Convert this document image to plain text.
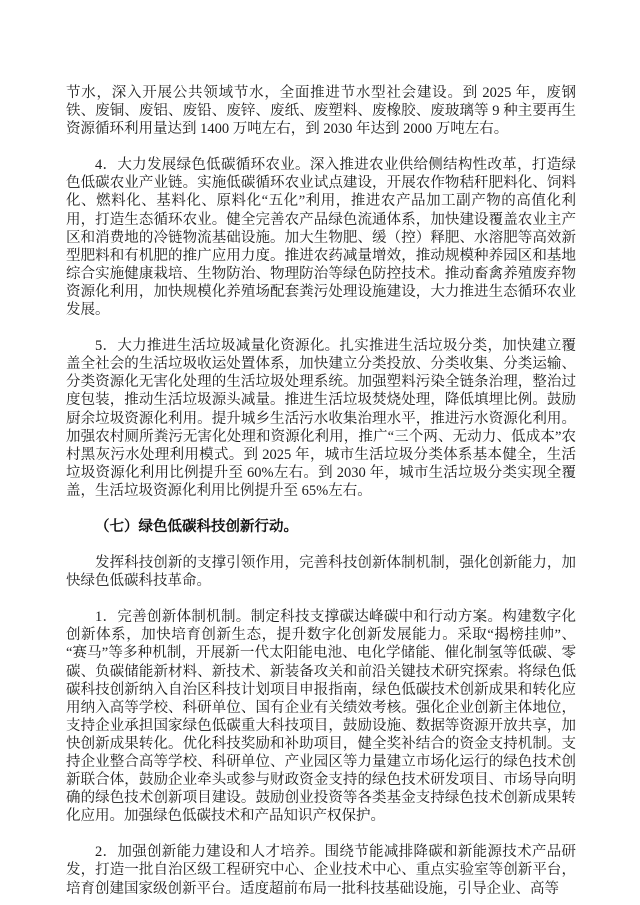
节水，深入开展公共领域节水，全面推进节水型社会建设。到 2025 年，废钢铁、废铜、废铝、废铅、废锌、废纸、废塑料、废橡胶、废玻璃等 9 种主要再生资源循环利用量达到 1400 万吨左右，到 2030 年达到 2000 万吨左右。

4．大力发展绿色低碳循环农业。深入推进农业供给侧结构性改革，打造绿色低碳农业产业链。实施低碳循环农业试点建设，开展农作物秸秆肥料化、饲料化、燃料化、基料化、原料化“五化”利用，推进农产品加工副产物的高值化利用，打造生态循环农业。健全完善农产品绿色流通体系，加快建设覆盖农业主产区和消费地的冷链物流基础设施。加大生物肥、缓（控）释肥、水溶肥等高效新型肥料和有机肥的推广应用力度。推进农药减量增效，推动规模种养园区和基地综合实施健康栽培、生物防治、物理防治等绿色防控技术。推动畜禽养殖废弃物资源化利用，加快规模化养殖场配套粪污处理设施建设，大力推进生态循环农业发展。

5．大力推进生活垃圾减量化资源化。扎实推进生活垃圾分类，加快建立覆盖全社会的生活垃圾收运处置体系，加快建立分类投放、分类收集、分类运输、分类资源化无害化处理的生活垃圾处理系统。加强塑料污染全链条治理，整治过度包装，推动生活垃圾源头减量。推进生活垃圾焚烧处理，降低填埋比例。鼓励厨余垃圾资源化利用。提升城乡生活污水收集治理水平，推进污水资源化利用。加强农村厕所粪污无害化处理和资源化利用，推广“三个两、无动力、低成本”农村黑灰污水处理利用模式。到 2025 年，城市生活垃圾分类体系基本健全，生活垃圾资源化利用比例提升至 60%左右。到 2030 年，城市生活垃圾分类实现全覆盖，生活垃圾资源化利用比例提升至 65%左右。

（七）绿色低碳科技创新行动。

发挥科技创新的支撑引领作用，完善科技创新体制机制，强化创新能力，加快绿色低碳科技革命。

1．完善创新体制机制。制定科技支撑碳达峰碳中和行动方案。构建数字化创新体系，加快培育创新生态，提升数字化创新发展能力。采取“揭榜挂帅”、“赛马”等多种机制，开展新一代太阳能电池、电化学储能、催化制氢等低碳、零碳、负碳储能新材料、新技术、新装备攻关和前沿关键技术研究探索。将绿色低碳科技创新纳入自治区科技计划项目申报指南，绿色低碳技术创新成果和转化应用纳入高等学校、科研单位、国有企业有关绩效考核。强化企业创新主体地位，支持企业承担国家绿色低碳重大科技项目，鼓励设施、数据等资源开放共享，加快创新成果转化。优化科技奖励和补助项目，健全奖补结合的资金支持机制。支持企业整合高等学校、科研单位、产业园区等力量建立市场化运行的绿色技术创新联合体，鼓励企业牵头或参与财政资金支持的绿色技术研发项目、市场导向明确的绿色技术创新项目建设。鼓励创业投资等各类基金支持绿色技术创新成果转化应用。加强绿色低碳技术和产品知识产权保护。

2．加强创新能力建设和人才培养。围绕节能减排降碳和新能源技术产品研发，打造一批自治区级工程研究中心、企业技术中心、重点实验室等创新平台，培育创建国家级创新平台。适度超前布局一批科技基础设施，引导企业、高等
